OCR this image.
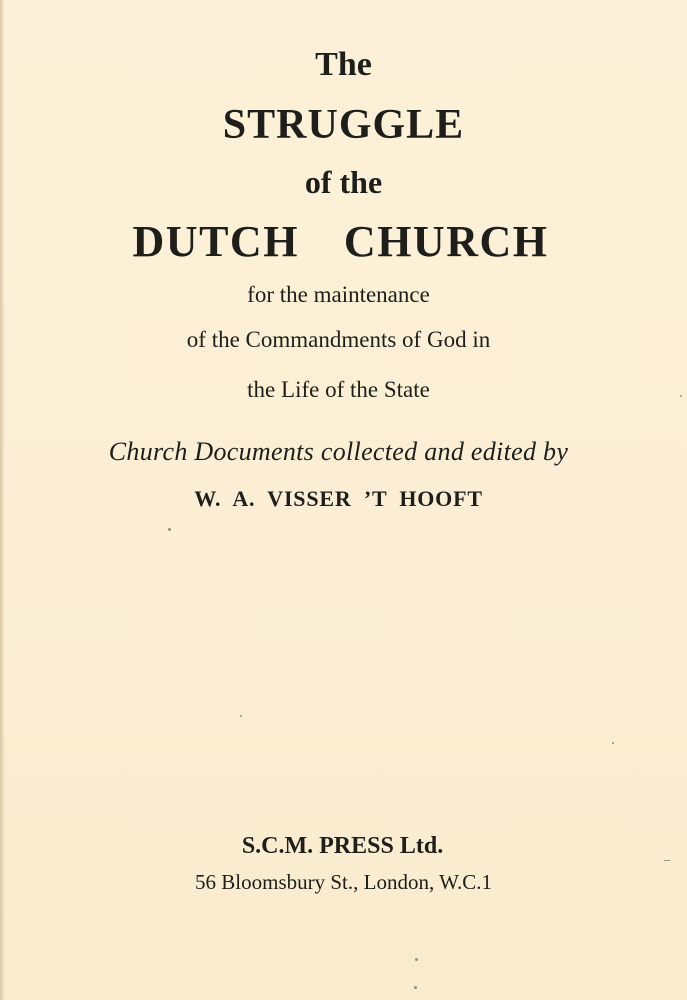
The
STRUGGLE
of the
DUTCH  CHURCH
for the maintenance
of the Commandments of God in
the Life of the State
Church Documents collected and edited by
W. A. VISSER ’T HOOFT
S.C.M. PRESS Ltd.
56 Bloomsbury St., London, W.C.1
